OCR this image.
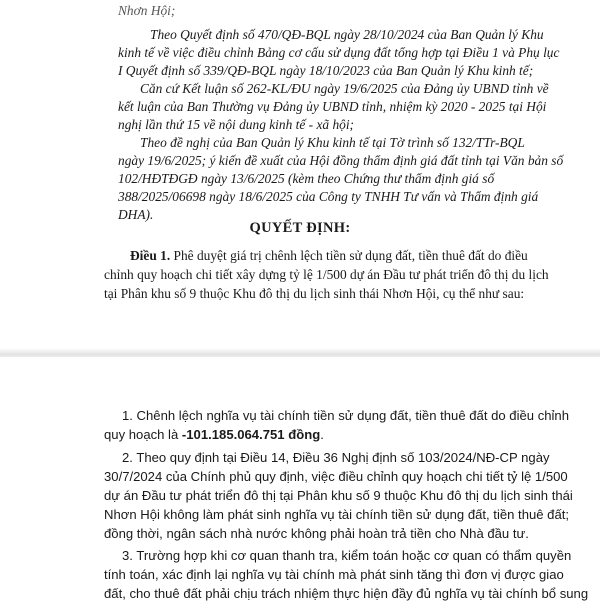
Nhơn Hội;
Theo Quyết định số 470/QĐ-BQL ngày 28/10/2024 của Ban Quản lý Khu
kinh tế về việc điều chỉnh Bảng cơ cấu sử dụng đất tổng hợp tại Điều 1 và Phụ lục
I Quyết định số 339/QĐ-BQL ngày 18/10/2023 của Ban Quản lý Khu kinh tế;
Căn cứ Kết luận số 262-KL/ĐU ngày 19/6/2025 của Đảng ủy UBND tỉnh về
kết luận của Ban Thường vụ Đảng ủy UBND tỉnh, nhiệm kỳ 2020 - 2025 tại Hội
nghị lần thứ 15 về nội dung kinh tế - xã hội;
Theo đề nghị của Ban Quản lý Khu kinh tế tại Tờ trình số 132/TTr-BQL
ngày 19/6/2025; ý kiến đề xuất của Hội đồng thẩm định giá đất tỉnh tại Văn bản số
102/HĐTĐGĐ ngày 13/6/2025 (kèm theo Chứng thư thẩm định giá số
388/2025/06698 ngày 18/6/2025 của Công ty TNHH Tư vấn và Thẩm định giá
DHA).
QUYẾT ĐỊNH:
Điều 1. Phê duyệt giá trị chênh lệch tiền sử dụng đất, tiền thuê đất do điều
chỉnh quy hoạch chi tiết xây dựng tỷ lệ 1/500 dự án Đầu tư phát triển đô thị du lịch
tại Phân khu số 9 thuộc Khu đô thị du lịch sinh thái Nhơn Hội, cụ thể như sau:
1. Chênh lệch nghĩa vụ tài chính tiền sử dụng đất, tiền thuê đất do điều chỉnh
quy hoạch là -101.185.064.751 đồng.
2. Theo quy định tại Điều 14, Điều 36 Nghị định số 103/2024/NĐ-CP ngày
30/7/2024 của Chính phủ quy định, việc điều chỉnh quy hoạch chi tiết tỷ lệ 1/500
dự án Đầu tư phát triển đô thị tại Phân khu số 9 thuộc Khu đô thị du lịch sinh thái
Nhơn Hội không làm phát sinh nghĩa vụ tài chính tiền sử dụng đất, tiền thuê đất;
đồng thời, ngân sách nhà nước không phải hoàn trả tiền cho Nhà đầu tư.
3. Trường hợp khi cơ quan thanh tra, kiểm toán hoặc cơ quan có thẩm quyền
tính toán, xác định lại nghĩa vụ tài chính mà phát sinh tăng thì đơn vị được giao
đất, cho thuê đất phải chịu trách nhiệm thực hiện đầy đủ nghĩa vụ tài chính bổ sung
